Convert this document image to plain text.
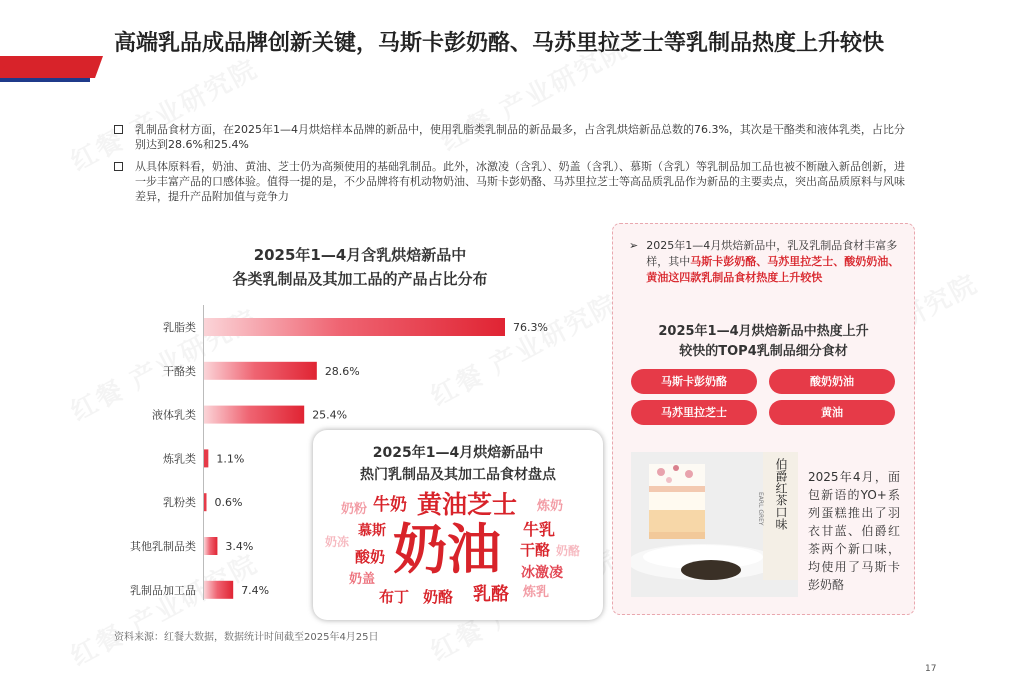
高端乳品成品牌创新关键，马斯卡彭奶酪、马苏里拉芝士等乳制品热度上升较快
乳制品食材方面，在2025年1—4月烘焙样本品牌的新品中，使用乳脂类乳制品的新品最多，占含乳烘焙新品总数的76.3%，其次是干酪类和液体乳类，占比分别达到28.6%和25.4%
从具体原料看，奶油、黄油、芝士仍为高频使用的基础乳制品。此外，冰激凌（含乳）、奶盖（含乳）、慕斯（含乳）等乳制品加工品也被不断融入新品创新，进一步丰富产品的口感体验。值得一提的是，不少品牌将有机动物奶油、马斯卡彭奶酪、马苏里拉芝士等高品质乳品作为新品的主要卖点，突出高品质原料与风味差异，提升产品附加值与竞争力
2025年1—4月含乳烘焙新品中
各类乳制品及其加工品的产品占比分布
乳脂类	76.3%
干酪类	28.6%
液体乳类	25.4%
炼乳类 1.1%
乳粉类 0.6%
其他乳制品类	3.4%
乳制品加工品	7.4%
2025年1—4月烘焙新品中
热门乳制品及其加工品食材盘点
奶油
黄油芝士
牛奶
乳酪
奶酪
布丁
牛乳
干酪
慕斯
酸奶
奶盖	冰激凌
炼奶
炼乳
奶粉
奶冻
奶酪
➢ 2025年1—4月烘焙新品中，乳及乳制品食材丰富多样，其中马斯卡彭奶酪、马苏里拉芝士、酸奶奶油、黄油这四款乳制品食材热度上升较快
2025年1—4月烘焙新品中热度上升
较快的TOP4乳制品细分食材
马斯卡彭奶酪	酸奶奶油
马苏里拉芝士	黄油
伯爵红茶口味
EARL GREY
2025年4月，面包新语的YO+系列蛋糕推出了羽衣甘蓝、伯爵红茶两个新口味，均使用了马斯卡彭奶酪
资料来源：红餐大数据，数据统计时间截至2025年4月25日
17
